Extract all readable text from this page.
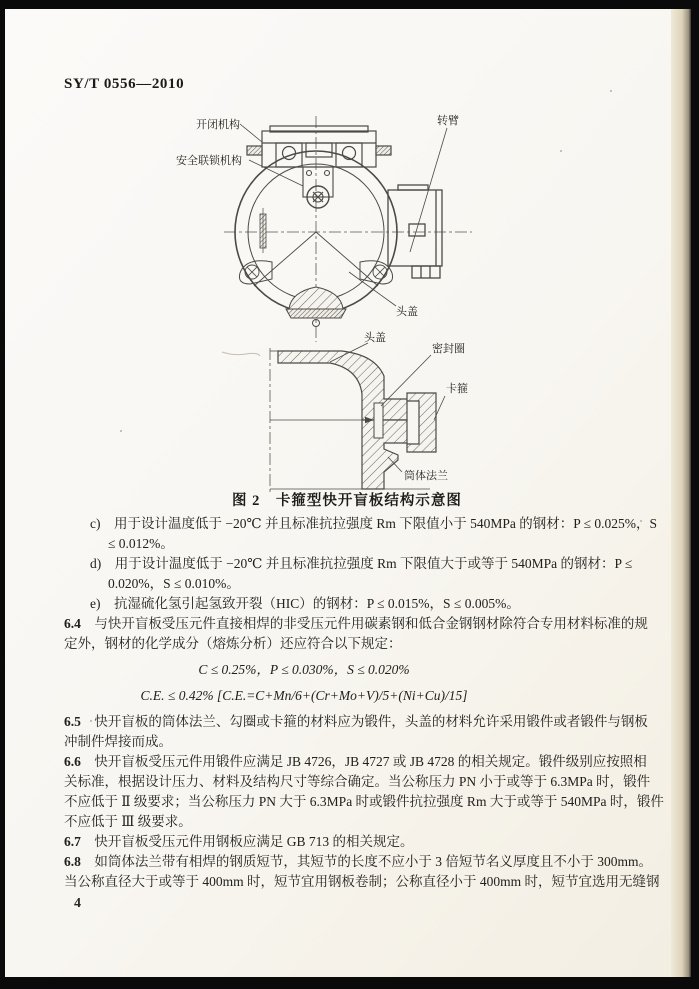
SY/T 0556—2010
开闭机构
安全联锁机构
转臂
头盖
头盖
密封圈
卡箍
筒体法兰
图 2　卡箍型快开盲板结构示意图
c)　用于设计温度低于 −20℃ 并且标准抗拉强度 Rm 下限值小于 540MPa 的钢材：P ≤ 0.025%，S
≤ 0.012%。
d)　用于设计温度低于 −20℃ 并且标准抗拉强度 Rm 下限值大于或等于 540MPa 的钢材：P ≤
0.020%，S ≤ 0.010%。
e)　抗湿硫化氢引起氢致开裂（HIC）的钢材：P ≤ 0.015%，S ≤ 0.005%。
6.4　与快开盲板受压元件直接相焊的非受压元件用碳素钢和低合金钢钢材除符合专用材料标准的规
定外，钢材的化学成分（熔炼分析）还应符合以下规定：
C ≤ 0.25%，P ≤ 0.030%，S ≤ 0.020%
C.E. ≤ 0.42% [C.E.=C+Mn/6+(Cr+Mo+V)/5+(Ni+Cu)/15]
6.5　快开盲板的筒体法兰、勾圈或卡箍的材料应为锻件，头盖的材料允许采用锻件或者锻件与钢板
冲制件焊接而成。
6.6　快开盲板受压元件用锻件应满足 JB 4726，JB 4727 或 JB 4728 的相关规定。锻件级别应按照相
关标准，根据设计压力、材料及结构尺寸等综合确定。当公称压力 PN 小于或等于 6.3MPa 时，锻件
不应低于 Ⅱ 级要求；当公称压力 PN 大于 6.3MPa 时或锻件抗拉强度 Rm 大于或等于 540MPa 时，锻件
不应低于 Ⅲ 级要求。
6.7　快开盲板受压元件用钢板应满足 GB 713 的相关规定。
6.8　如筒体法兰带有相焊的钢质短节，其短节的长度不应小于 3 倍短节名义厚度且不小于 300mm。
当公称直径大于或等于 400mm 时，短节宜用钢板卷制；公称直径小于 400mm 时，短节宜选用无缝钢
4
